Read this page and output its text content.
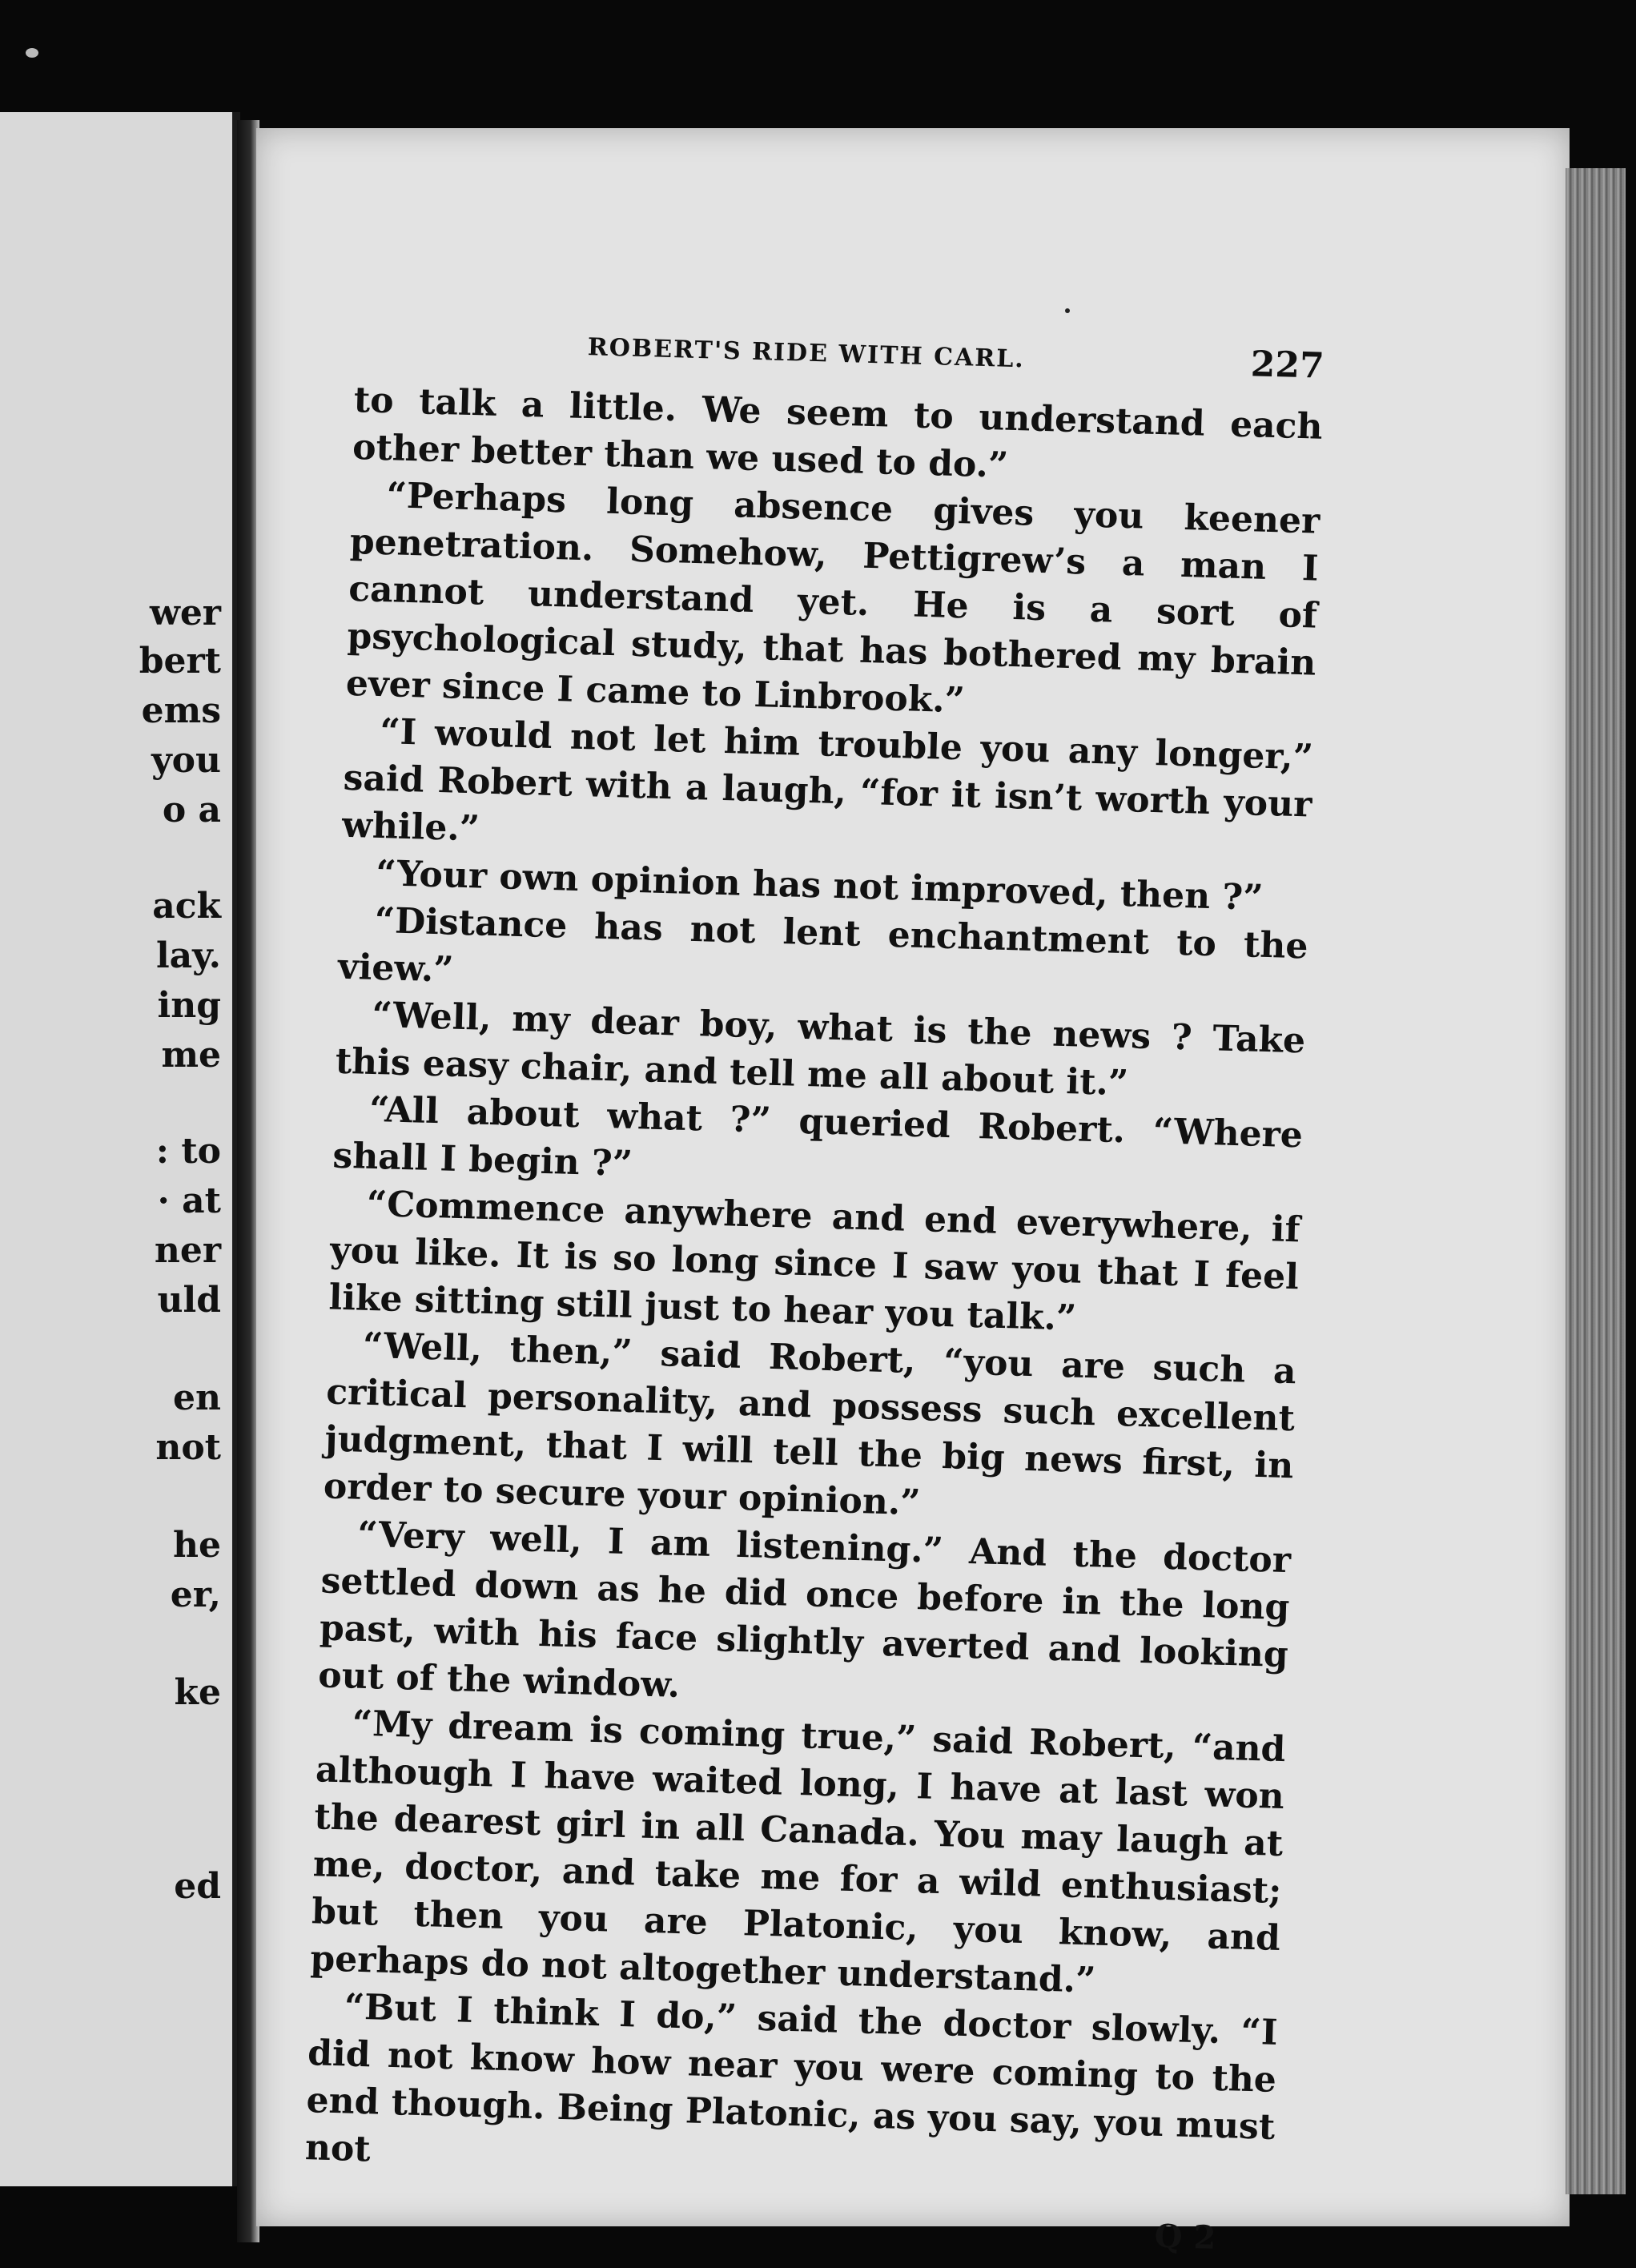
wer
bert
ems
you
o a
ack
lay.
ing
me
: to
· at
ner
uld
en
not
he
er,
ke
ed
ROBERT'S RIDE WITH CARL.	227

to talk a little. We seem to understand each other better than we used to do.”

“Perhaps long absence gives you keener penetration. Somehow, Pettigrew’s a man I cannot understand yet. He is a sort of psychological study, that has bothered my brain ever since I came to Linbrook.”

“I would not let him trouble you any longer,” said Robert with a laugh, “for it isn’t worth your while.”

“Your own opinion has not improved, then ?”

“Distance has not lent enchantment to the view.”

“Well, my dear boy, what is the news ? Take this easy chair, and tell me all about it.”

“All about what ?” queried Robert. “Where shall I begin ?”

“Commence anywhere and end everywhere, if you like. It is so long since I saw you that I feel like sitting still just to hear you talk.”

“Well, then,” said Robert, “you are such a critical personality, and possess such excellent judgment, that I will tell the big news first, in order to secure your opinion.”

“Very well, I am listening.” And the doctor settled down as he did once before in the long past, with his face slightly averted and looking out of the window.

“My dream is coming true,” said Robert, “and although I have waited long, I have at last won the dearest girl in all Canada. You may laugh at me, doctor, and take me for a wild enthusiast; but then you are Platonic, you know, and perhaps do not altogether understand.”

“But I think I do,” said the doctor slowly. “I did not know how near you were coming to the end though. Being Platonic, as you say, you must not

Q 2
